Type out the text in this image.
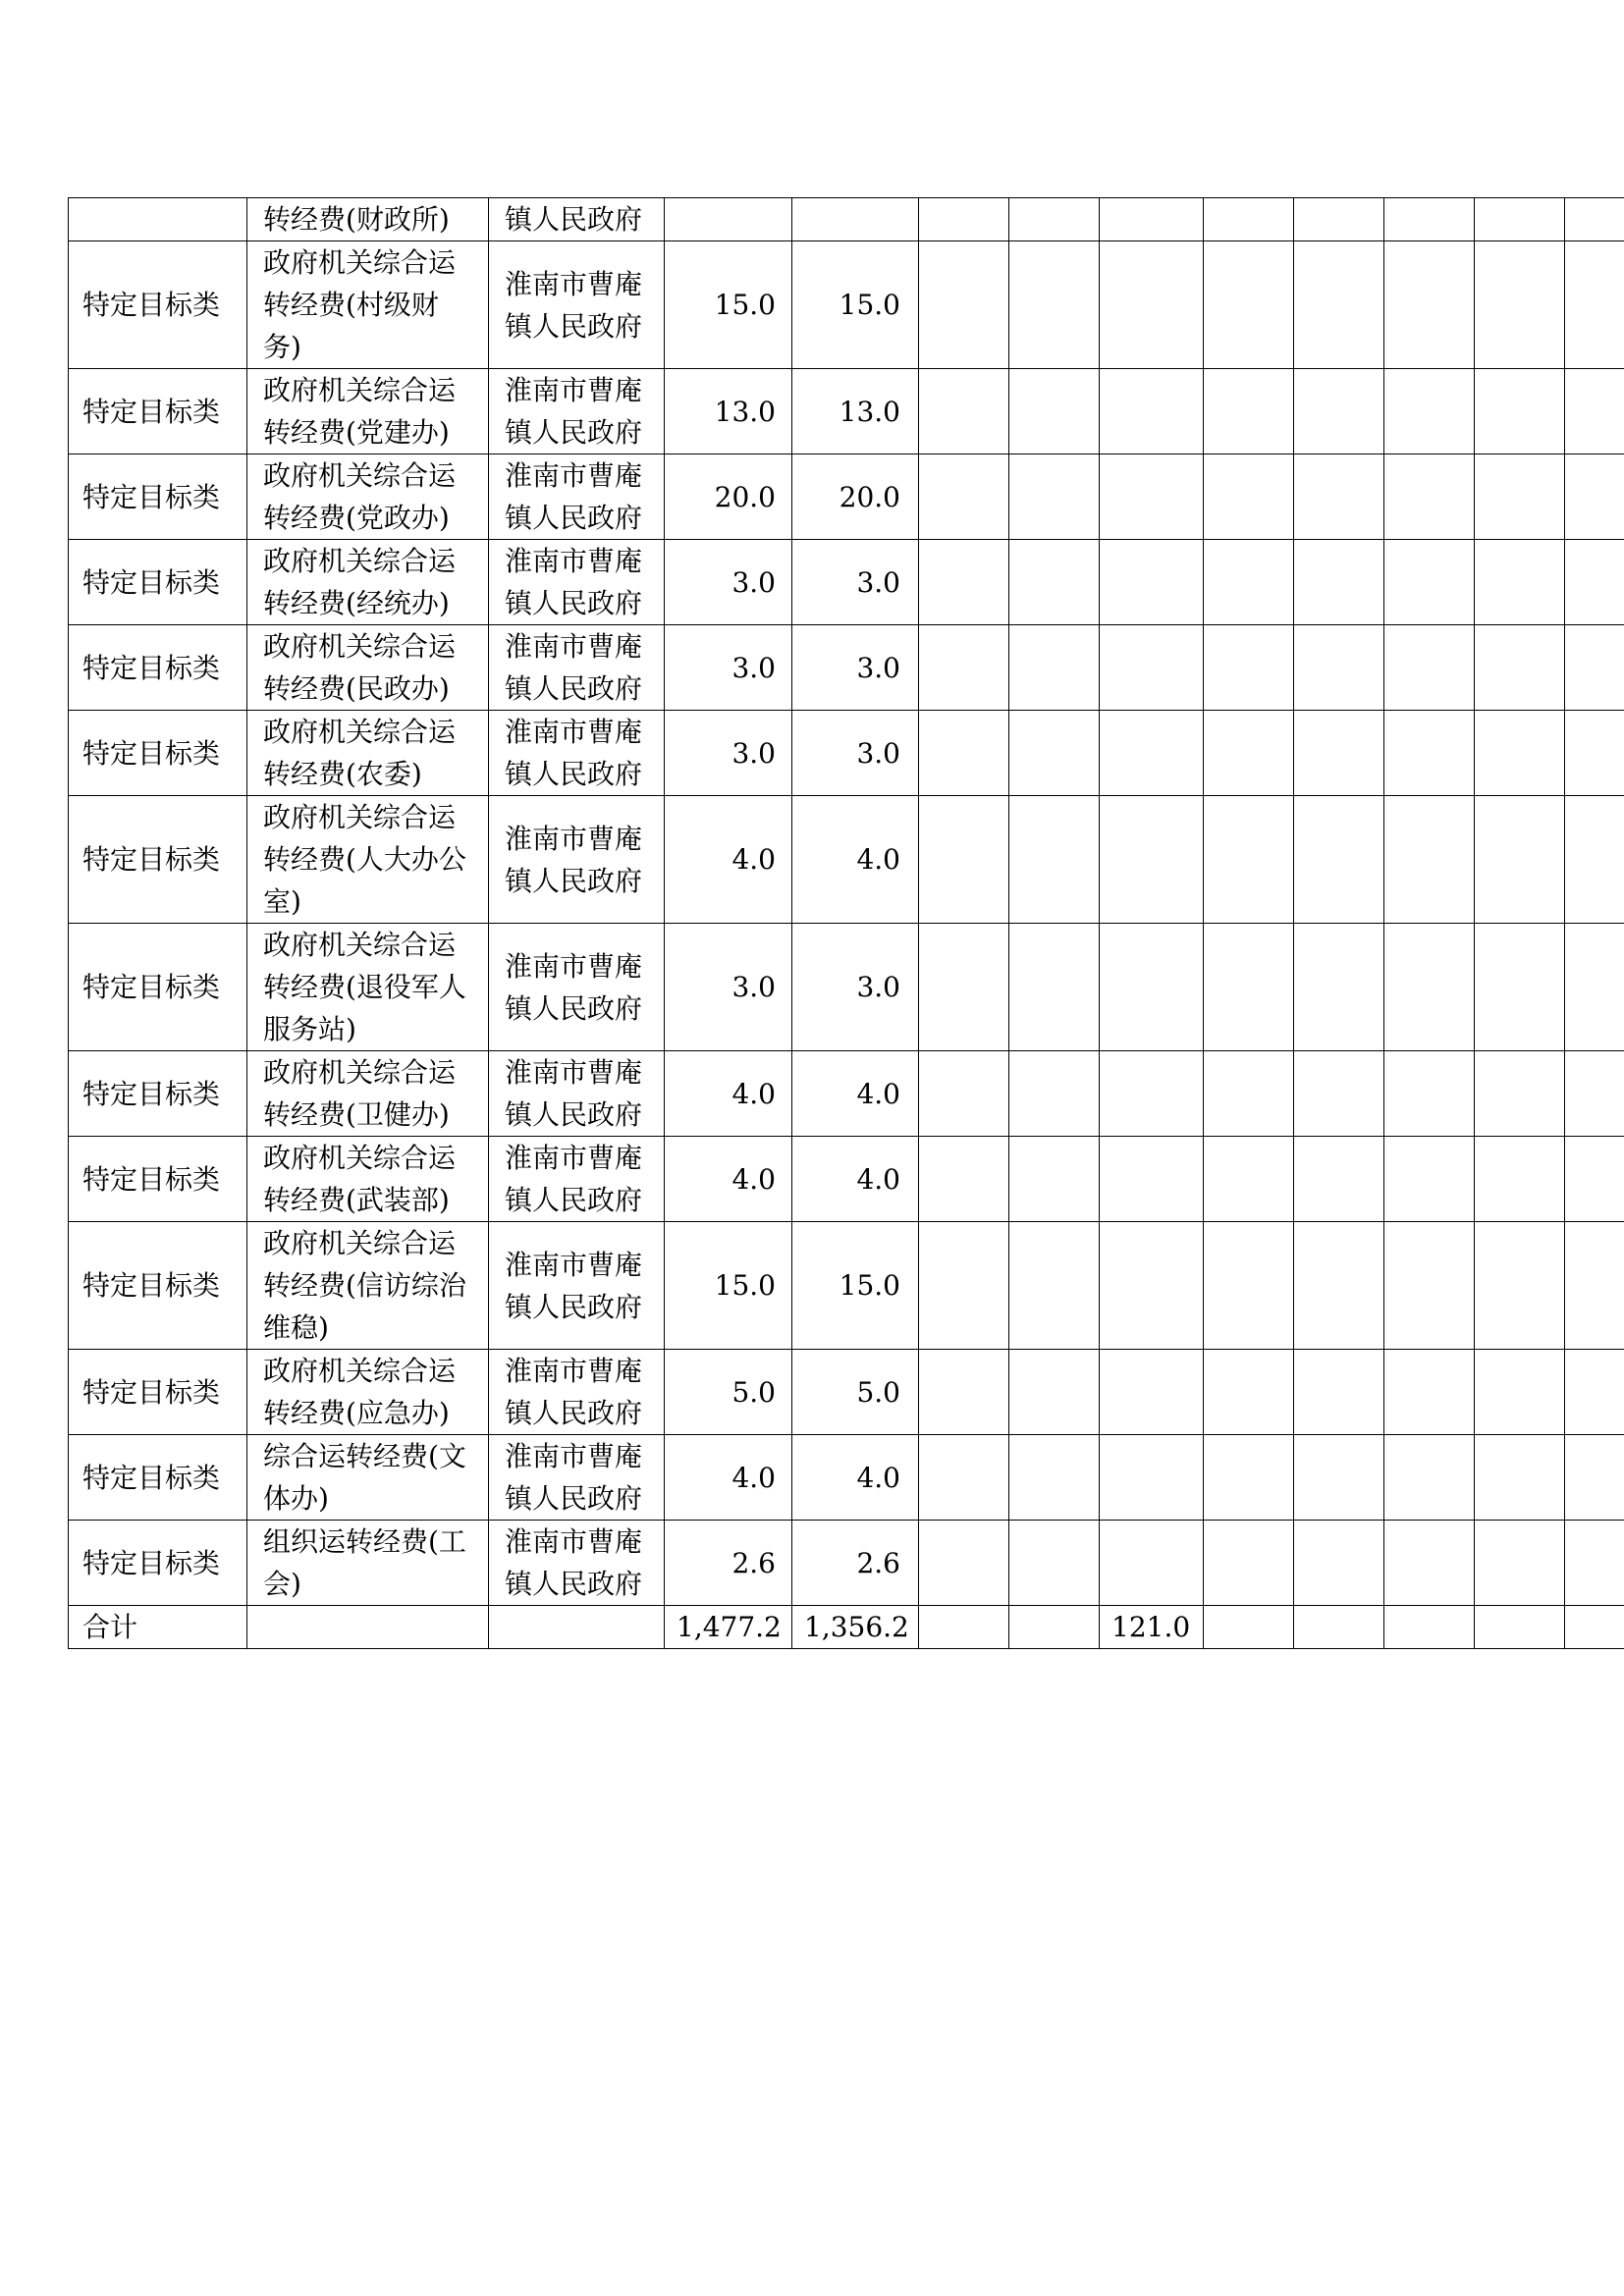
	转经费(财政所)	镇人民政府										

特定目标类	政府机关综合运转经费(村级财务)	淮南市曹庵镇人民政府	15.0	15.0								

特定目标类	政府机关综合运转经费(党建办)	淮南市曹庵镇人民政府	13.0	13.0								

特定目标类	政府机关综合运转经费(党政办)	淮南市曹庵镇人民政府	20.0	20.0								

特定目标类	政府机关综合运转经费(经统办)	淮南市曹庵镇人民政府	3.0	3.0								

特定目标类	政府机关综合运转经费(民政办)	淮南市曹庵镇人民政府	3.0	3.0								

特定目标类	政府机关综合运转经费(农委)	淮南市曹庵镇人民政府	3.0	3.0								

特定目标类	政府机关综合运转经费(人大办公室)	淮南市曹庵镇人民政府	4.0	4.0								

特定目标类	政府机关综合运转经费(退役军人服务站)	淮南市曹庵镇人民政府	3.0	3.0								

特定目标类	政府机关综合运转经费(卫健办)	淮南市曹庵镇人民政府	4.0	4.0								

特定目标类	政府机关综合运转经费(武装部)	淮南市曹庵镇人民政府	4.0	4.0								

特定目标类	政府机关综合运转经费(信访综治维稳)	淮南市曹庵镇人民政府	15.0	15.0								

特定目标类	政府机关综合运转经费(应急办)	淮南市曹庵镇人民政府	5.0	5.0								

特定目标类	综合运转经费(文体办)	淮南市曹庵镇人民政府	4.0	4.0								

特定目标类	组织运转经费(工会)	淮南市曹庵镇人民政府	2.6	2.6								

合计			1,477.2	1,356.2			121.0					
